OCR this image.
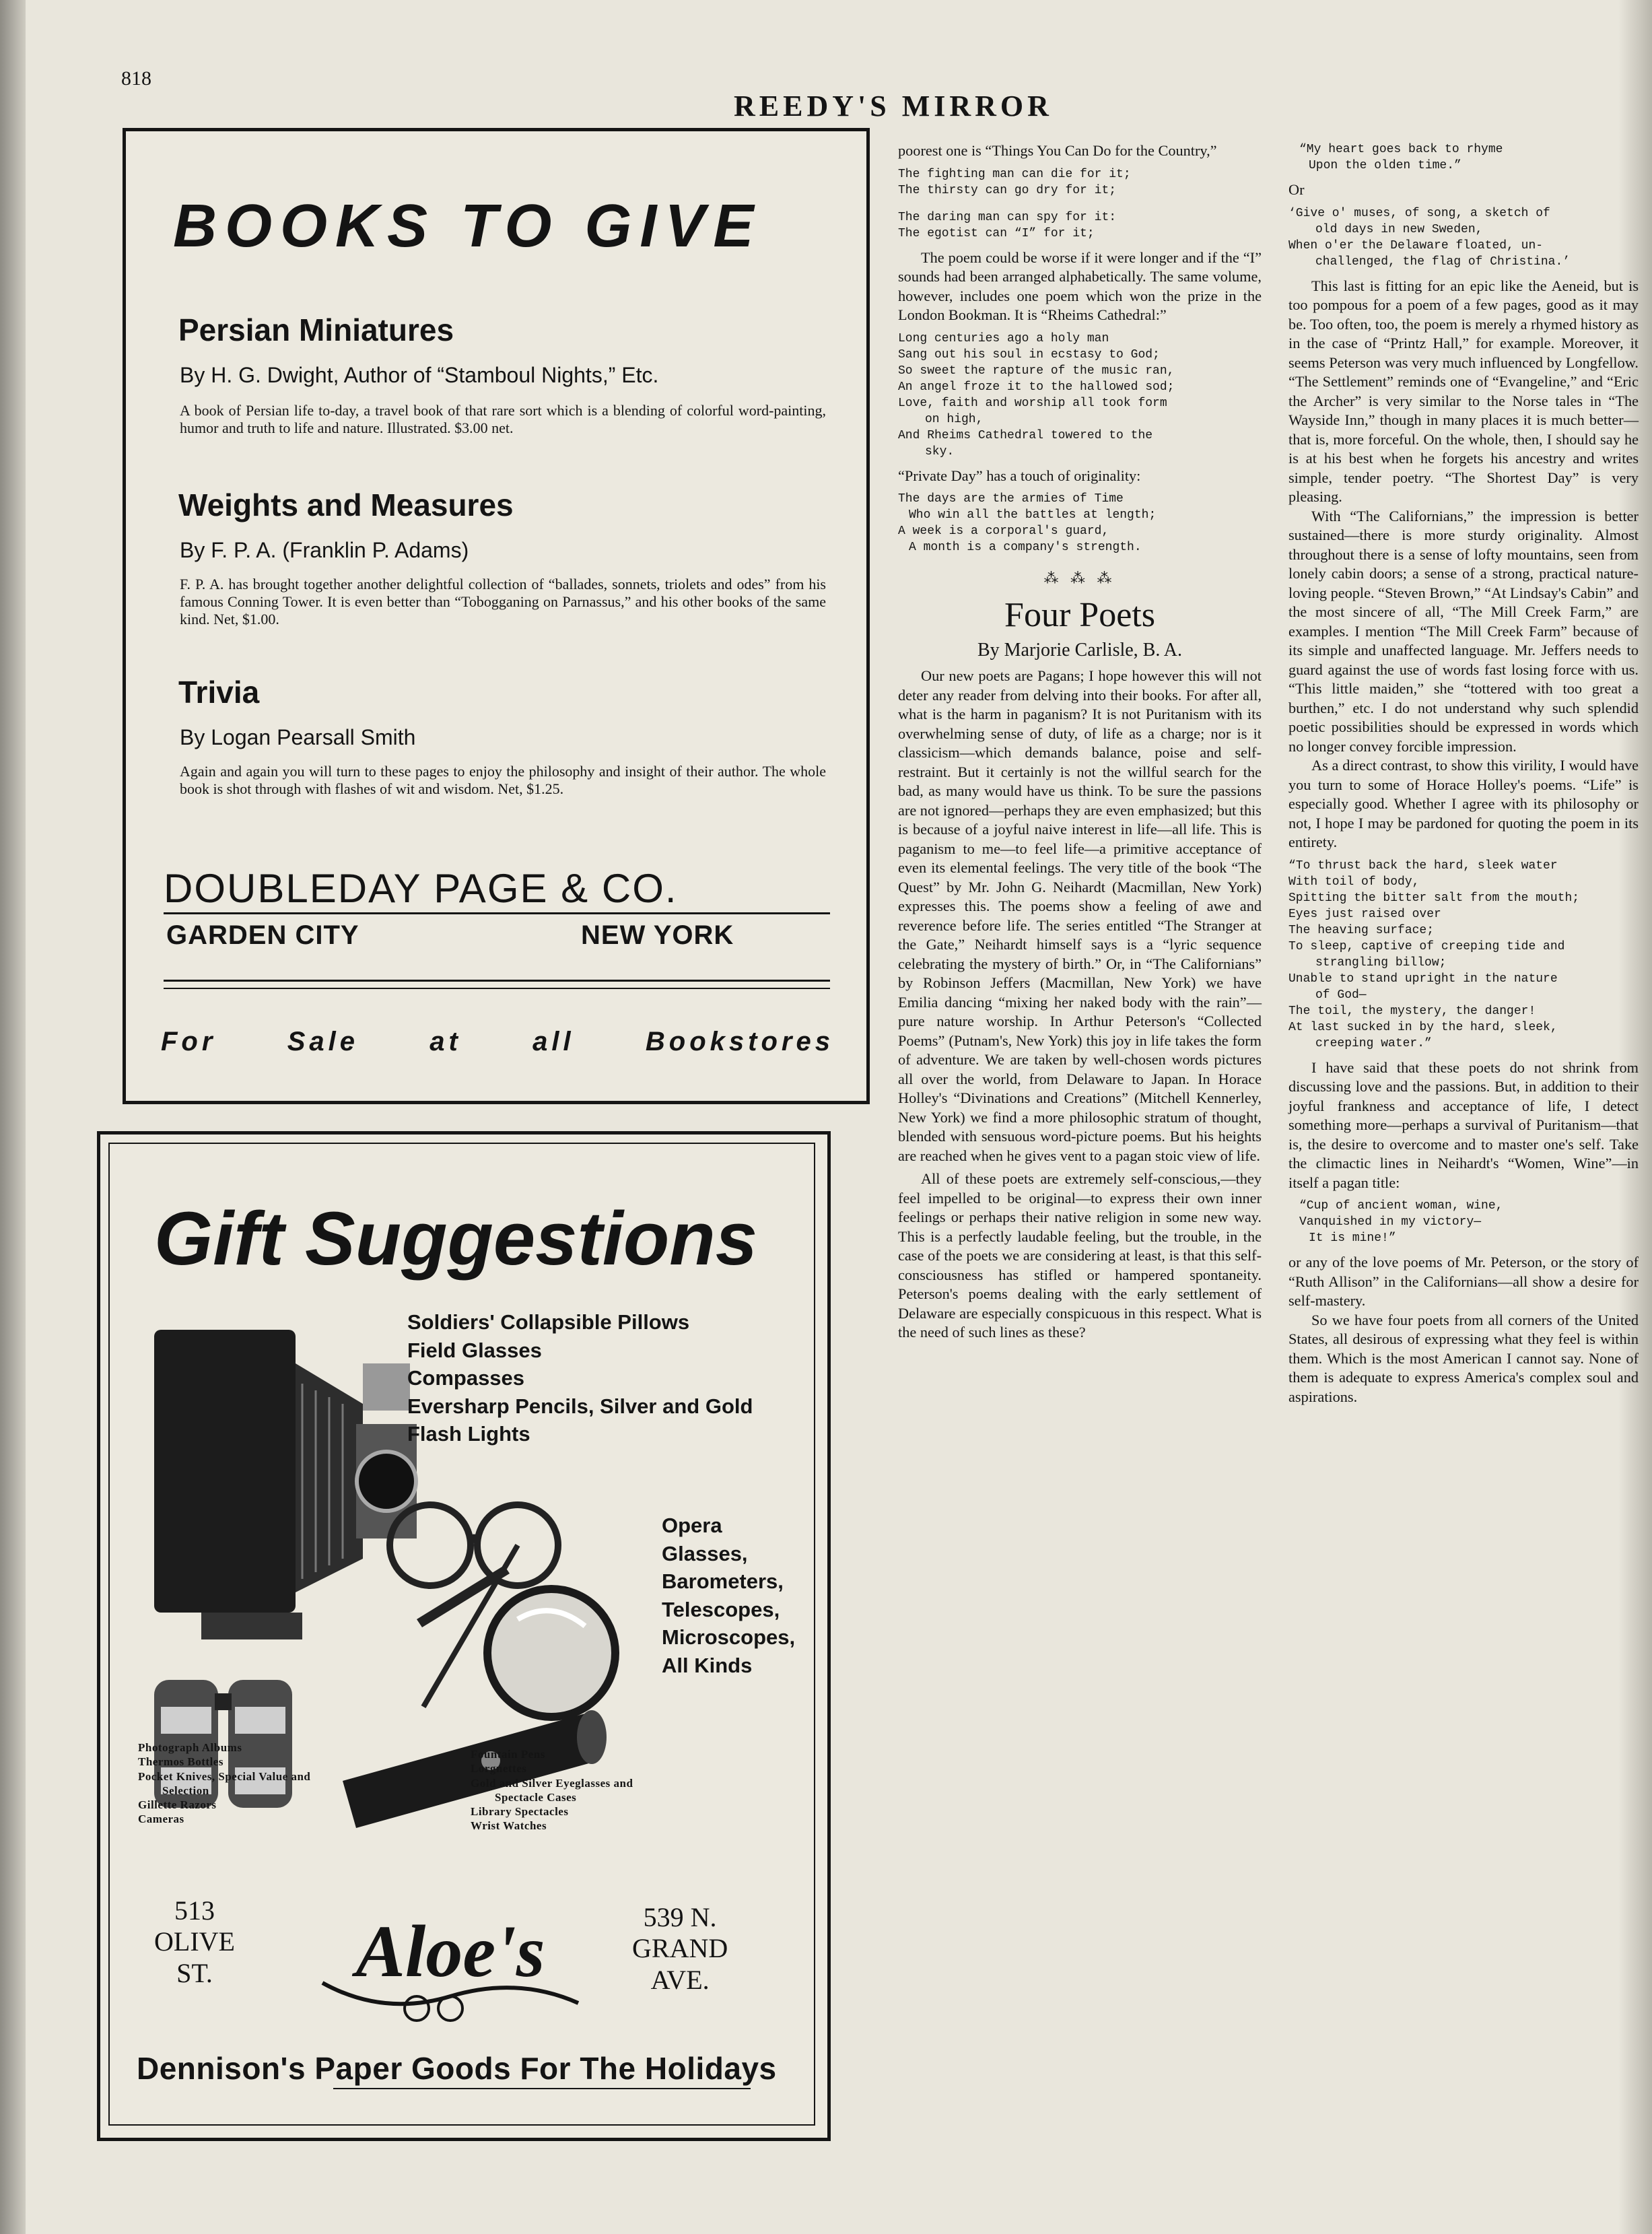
818
REEDY'S MIRROR
BOOKS TO GIVE
Persian Miniatures
By H. G. Dwight, Author of “Stamboul Nights,” Etc.
A book of Persian life to-day, a travel book of that rare sort which is a blending of colorful word-painting, humor and truth to life and nature. Illustrated. $3.00 net.
Weights and Measures
By F. P. A. (Franklin P. Adams)
F. P. A. has brought together another delightful collection of “ballades, sonnets, triolets and odes” from his famous Conning Tower. It is even better than “Tobogganing on Parnassus,” and his other books of the same kind. Net, $1.00.
Trivia
By Logan Pearsall Smith
Again and again you will turn to these pages to enjoy the philosophy and insight of their author. The whole book is shot through with flashes of wit and wisdom. Net, $1.25.
DOUBLEDAY PAGE & CO.
GARDEN CITY	NEW YORK
For	Sale	at	all	Bookstores
Gift Suggestions
Soldiers' Collapsible Pillows
Field Glasses
Compasses
Eversharp Pencils, Silver and Gold
Flash Lights
Opera
Glasses,
Barometers,
Telescopes,
Microscopes,
All Kinds
Photograph Albums
Thermos Bottles
Pocket Knives, Special Value and
Selection
Gillette Razors
Cameras
Fountain Pens
Lorgnettes
Gold and Silver Eyeglasses and
Spectacle Cases
Library Spectacles
Wrist Watches
513
OLIVE
ST.	Aloe's	539 N.
GRAND
AVE.
Dennison's Paper Goods For The Holidays

poorest one is “Things You Can Do for the Country,”

The fighting man can die for it;
The thirsty can go dry for it;
The daring man can spy for it:
The egotist can “I” for it;

The poem could be worse if it were longer and if the “I” sounds had been arranged alphabetically. The same volume, however, includes one poem which won the prize in the London Bookman. It is “Rheims Cathedral:”

Long centuries ago a holy man
Sang out his soul in ecstasy to God;
So sweet the rapture of the music ran,
An angel froze it to the hallowed sod;
Love, faith and worship all took form
on high,
And Rheims Cathedral towered to the
sky.

“Private Day” has a touch of originality:

The days are the armies of Time
Who win all the battles at length;
A week is a corporal's guard,
A month is a company's strength.
⁂ ⁂ ⁂
Four Poets
By Marjorie Carlisle, B. A.

Our new poets are Pagans; I hope however this will not deter any reader from delving into their books. For after all, what is the harm in paganism? It is not Puritanism with its overwhelming sense of duty, of life as a charge; nor is it classicism—which demands balance, poise and self-restraint. But it certainly is not the willful search for the bad, as many would have us think. To be sure the passions are not ignored—perhaps they are even emphasized; but this is because of a joyful naive interest in life—all life. This is paganism to me—to feel life—a primitive acceptance of even its elemental feelings. The very title of the book “The Quest” by Mr. John G. Neihardt (Macmillan, New York) expresses this. The poems show a feeling of awe and reverence before life. The series entitled “The Stranger at the Gate,” Neihardt himself says is a “lyric sequence celebrating the mystery of birth.” Or, in “The Californians” by Robinson Jeffers (Macmillan, New York) we have Emilia dancing “mixing her naked body with the rain”—pure nature worship. In Arthur Peterson's “Collected Poems” (Putnam's, New York) this joy in life takes the form of adventure. We are taken by well-chosen words pictures all over the world, from Delaware to Japan. In Horace Holley's “Divinations and Creations” (Mitchell Kennerley, New York) we find a more philosophic stratum of thought, blended with sensuous word-picture poems. But his heights are reached when he gives vent to a pagan stoic view of life.

All of these poets are extremely self-conscious,—they feel impelled to be original—to express their own inner feelings or perhaps their native religion in some new way. This is a perfectly laudable feeling, but the trouble, in the case of the poets we are considering at least, is that this self-consciousness has stifled or hampered spontaneity. Peterson's poems dealing with the early settlement of Delaware are especially conspicuous in this respect. What is the need of such lines as these?

“My heart goes back to rhyme
Upon the olden time.”

Or

‘Give o' muses, of song, a sketch of
old days in new Sweden,
When o'er the Delaware floated, un-
challenged, the flag of Christina.’

This last is fitting for an epic like the Aeneid, but is too pompous for a poem of a few pages, good as it may be. Too often, too, the poem is merely a rhymed history as in the case of “Printz Hall,” for example. Moreover, it seems Peterson was very much influenced by Longfellow. “The Settlement” reminds one of “Evangeline,” and “Eric the Archer” is very similar to the Norse tales in “The Wayside Inn,” though in many places it is much better—that is, more forceful. On the whole, then, I should say he is at his best when he forgets his ancestry and writes simple, tender poetry. “The Shortest Day” is very pleasing.

With “The Californians,” the impression is better sustained—there is more sturdy originality. Almost throughout there is a sense of lofty mountains, seen from lonely cabin doors; a sense of a strong, practical nature-loving people. “Steven Brown,” “At Lindsay's Cabin” and the most sincere of all, “The Mill Creek Farm,” are examples. I mention “The Mill Creek Farm” because of its simple and unaffected language. Mr. Jeffers needs to guard against the use of words fast losing force with us. “This little maiden,” she “tottered with too great a burthen,” etc. I do not understand why such splendid poetic possibilities should be expressed in words which no longer convey forcible impression.

As a direct contrast, to show this virility, I would have you turn to some of Horace Holley's poems. “Life” is especially good. Whether I agree with its philosophy or not, I hope I may be pardoned for quoting the poem in its entirety.

“To thrust back the hard, sleek water
With toil of body,
Spitting the bitter salt from the mouth;
Eyes just raised over
The heaving surface;
To sleep, captive of creeping tide and
strangling billow;
Unable to stand upright in the nature
of God—
The toil, the mystery, the danger!
At last sucked in by the hard, sleek,
creeping water.”

I have said that these poets do not shrink from discussing love and the passions. But, in addition to their joyful frankness and acceptance of life, I detect something more—perhaps a survival of Puritanism—that is, the desire to overcome and to master one's self. Take the climactic lines in Neihardt's “Women, Wine”—in itself a pagan title:

“Cup of ancient woman, wine,
Vanquished in my victory—
It is mine!”

or any of the love poems of Mr. Peterson, or the story of “Ruth Allison” in the Californians—all show a desire for self-mastery.

So we have four poets from all corners of the United States, all desirous of expressing what they feel is within them. Which is the most American I cannot say. None of them is adequate to express America's complex soul and aspirations.
